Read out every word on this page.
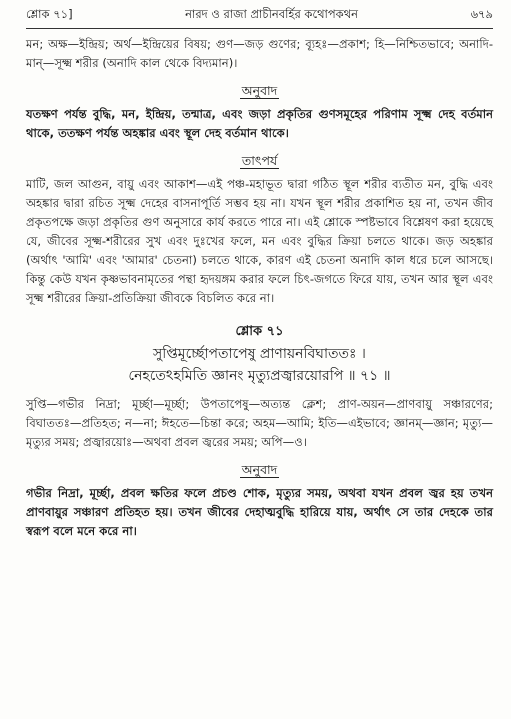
শ্লোক ৭১]	নারদ ও রাজা প্রাচীনবর্হির কথোপকথন	৬৭৯

মন; অক্ষ—ইন্দ্রিয়; অর্থ—ইন্দ্রিয়ের বিষয়; গুণ—জড় গুণের; ব্যূহঃ—প্রকাশ; হি—নিশ্চিতভাবে; অনাদি-মান্—সূক্ষ্ম শরীর (অনাদি কাল থেকে বিদ্যমান)।

অনুবাদ

যতক্ষণ পর্যন্ত বুদ্ধি, মন, ইন্দ্রিয়, তন্মাত্র, এবং জড়া প্রকৃতির গুণসমূহের পরিণাম সূক্ষ্ম দেহ বর্তমান থাকে, ততক্ষণ পর্যন্ত অহঙ্কার এবং স্থূল দেহ বর্তমান থাকে।

তাৎপর্য

মাটি, জল আগুন, বায়ু এবং আকাশ—এই পঞ্চ-মহাভূত দ্বারা গঠিত স্থূল শরীর ব্যতীত মন, বুদ্ধি এবং অহঙ্কার দ্বারা রচিত সূক্ষ্ম দেহের বাসনাপূর্তি সম্ভব হয় না। যখন স্থূল শরীর প্রকাশিত হয় না, তখন জীব প্রকৃতপক্ষে জড়া প্রকৃতির গুণ অনুসারে কার্য করতে পারে না। এই শ্লোকে স্পষ্টভাবে বিশ্লেষণ করা হয়েছে যে, জীবের সূক্ষ্ম-শরীরের সুখ এবং দুঃখের ফলে, মন এবং বুদ্ধির ক্রিয়া চলতে থাকে। জড় অহঙ্কার (অর্থাৎ 'আমি' এবং 'আমার' চেতনা) চলতে থাকে, কারণ এই চেতনা অনাদি কাল ধরে চলে আসছে। কিন্তু কেউ যখন কৃষ্ণভাবনামৃতের পন্থা হৃদয়ঙ্গম করার ফলে চিৎ-জগতে ফিরে যায়, তখন আর স্থূল এবং সূক্ষ্ম শরীরের ক্রিয়া-প্রতিক্রিয়া জীবকে বিচলিত করে না।

শ্লোক ৭১
সুপ্তিমূর্চ্ছোপতাপেষু প্রাণায়নবিঘাততঃ ।
নেহতেঽহমিতি জ্ঞানং মৃত্যুপ্রজ্বারয়োরপি ॥ ৭১ ॥

সুপ্তি—গভীর নিদ্রা; মূর্চ্ছা—মূর্চ্ছা; উপতাপেষু—অত্যন্ত ক্লেশ; প্রাণ-অয়ন—প্রাণবায়ু সঞ্চারণের; বিঘাততঃ—প্রতিহত; ন—না; ঈহতে—চিন্তা করে; অহম—আমি; ইতি—এইভাবে; জ্ঞানম্—জ্ঞান; মৃত্যু—মৃত্যুর সময়; প্রজ্বারয়োঃ—অথবা প্রবল জ্বরের সময়; অপি—ও।

অনুবাদ

গভীর নিদ্রা, মূর্চ্ছা, প্রবল ক্ষতির ফলে প্রচণ্ড শোক, মৃত্যুর সময়, অথবা যখন প্রবল জ্বর হয় তখন প্রাণবায়ুর সঞ্চারণ প্রতিহত হয়। তখন জীবের দেহাত্মবুদ্ধি হারিয়ে যায়, অর্থাৎ সে তার দেহকে তার স্বরূপ বলে মনে করে না।
